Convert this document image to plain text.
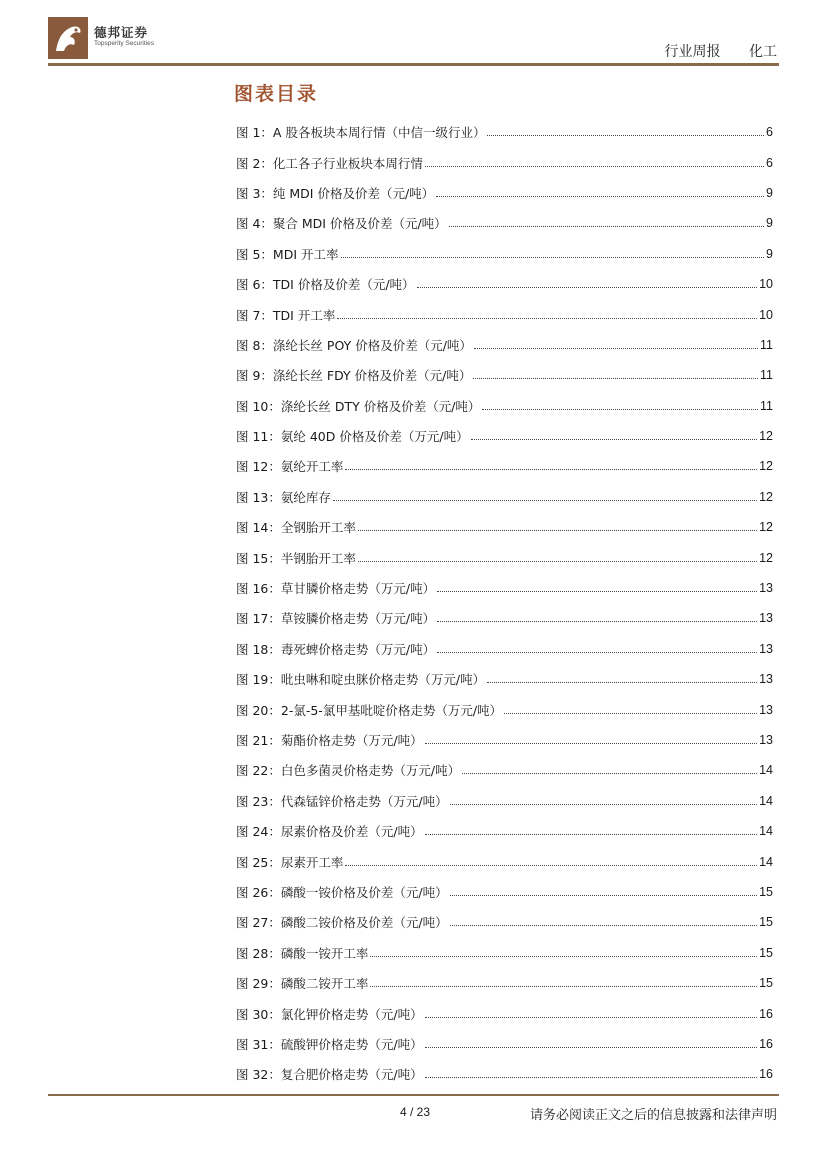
德邦证券
Topsperity Securities
行业周报 化工
图表目录
图 1：A 股各板块本周行情（中信一级行业）	6
图 2：化工各子行业板块本周行情	6
图 3：纯 MDI 价格及价差（元/吨）	9
图 4：聚合 MDI 价格及价差（元/吨）	9
图 5：MDI 开工率	9
图 6：TDI 价格及价差（元/吨）	10
图 7：TDI 开工率	10
图 8：涤纶长丝 POY 价格及价差（元/吨）	11
图 9：涤纶长丝 FDY 价格及价差（元/吨）	11
图 10：涤纶长丝 DTY 价格及价差（元/吨）	11
图 11：氨纶 40D 价格及价差（万元/吨）	12
图 12：氨纶开工率	12
图 13：氨纶库存	12
图 14：全钢胎开工率	12
图 15：半钢胎开工率	12
图 16：草甘膦价格走势（万元/吨）	13
图 17：草铵膦价格走势（万元/吨）	13
图 18：毒死蜱价格走势（万元/吨）	13
图 19：吡虫啉和啶虫脒价格走势（万元/吨）	13
图 20：2-氯-5-氯甲基吡啶价格走势（万元/吨）	13
图 21：菊酯价格走势（万元/吨）	13
图 22：白色多菌灵价格走势（万元/吨）	14
图 23：代森锰锌价格走势（万元/吨）	14
图 24：尿素价格及价差（元/吨）	14
图 25：尿素开工率	14
图 26：磷酸一铵价格及价差（元/吨）	15
图 27：磷酸二铵价格及价差（元/吨）	15
图 28：磷酸一铵开工率	15
图 29：磷酸二铵开工率	15
图 30：氯化钾价格走势（元/吨）	16
图 31：硫酸钾价格走势（元/吨）	16
图 32：复合肥价格走势（元/吨）	16
4 / 23	请务必阅读正文之后的信息披露和法律声明
